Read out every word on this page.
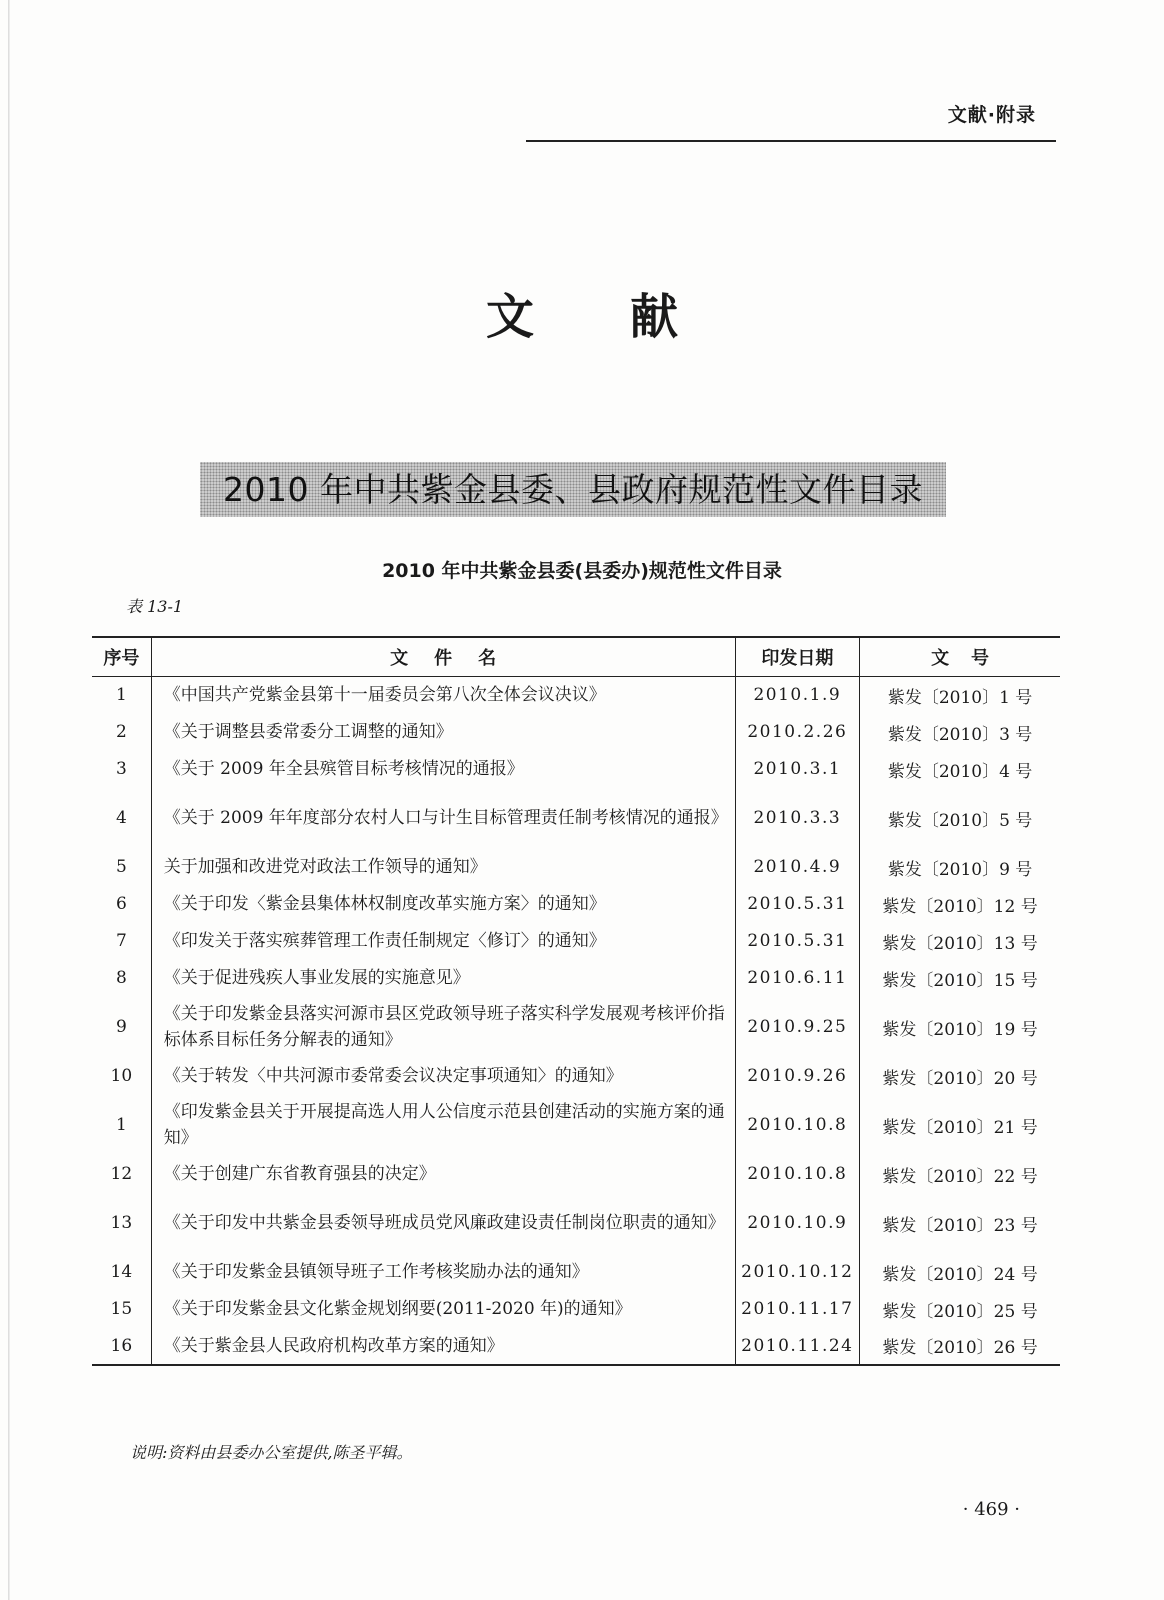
文献·附录
文献
2010 年中共紫金县委、县政府规范性文件目录
2010 年中共紫金县委(县委办)规范性文件目录
表 13-1
序号	文件名	印发日期	文号
1	《中国共产党紫金县第十一届委员会第八次全体会议决议》	2010.1.9	紫发〔2010〕1 号
2	《关于调整县委常委分工调整的通知》	2010.2.26	紫发〔2010〕3 号
3	《关于 2009 年全县殡管目标考核情况的通报》	2010.3.1	紫发〔2010〕4 号
4	《关于 2009 年年度部分农村人口与计生目标管理责任制考核情况的通报》	2010.3.3	紫发〔2010〕5 号
5	关于加强和改进党对政法工作领导的通知》	2010.4.9	紫发〔2010〕9 号
6	《关于印发〈紫金县集体林权制度改革实施方案〉的通知》	2010.5.31	紫发〔2010〕12 号
7	《印发关于落实殡葬管理工作责任制规定〈修订〉的通知》	2010.5.31	紫发〔2010〕13 号
8	《关于促进残疾人事业发展的实施意见》	2010.6.11	紫发〔2010〕15 号
9	《关于印发紫金县落实河源市县区党政领导班子落实科学发展观考核评价指标体系目标任务分解表的通知》	2010.9.25	紫发〔2010〕19 号
10	《关于转发〈中共河源市委常委会议决定事项通知〉的通知》	2010.9.26	紫发〔2010〕20 号
1	《印发紫金县关于开展提高选人用人公信度示范县创建活动的实施方案的通知》	2010.10.8	紫发〔2010〕21 号
12	《关于创建广东省教育强县的决定》	2010.10.8	紫发〔2010〕22 号
13	《关于印发中共紫金县委领导班成员党风廉政建设责任制岗位职责的通知》	2010.10.9	紫发〔2010〕23 号
14	《关于印发紫金县镇领导班子工作考核奖励办法的通知》	2010.10.12	紫发〔2010〕24 号
15	《关于印发紫金县文化紫金规划纲要(2011-2020 年)的通知》	2010.11.17	紫发〔2010〕25 号
16	《关于紫金县人民政府机构改革方案的通知》	2010.11.24	紫发〔2010〕26 号
说明:资料由县委办公室提供,陈圣平辑。
· 469 ·
